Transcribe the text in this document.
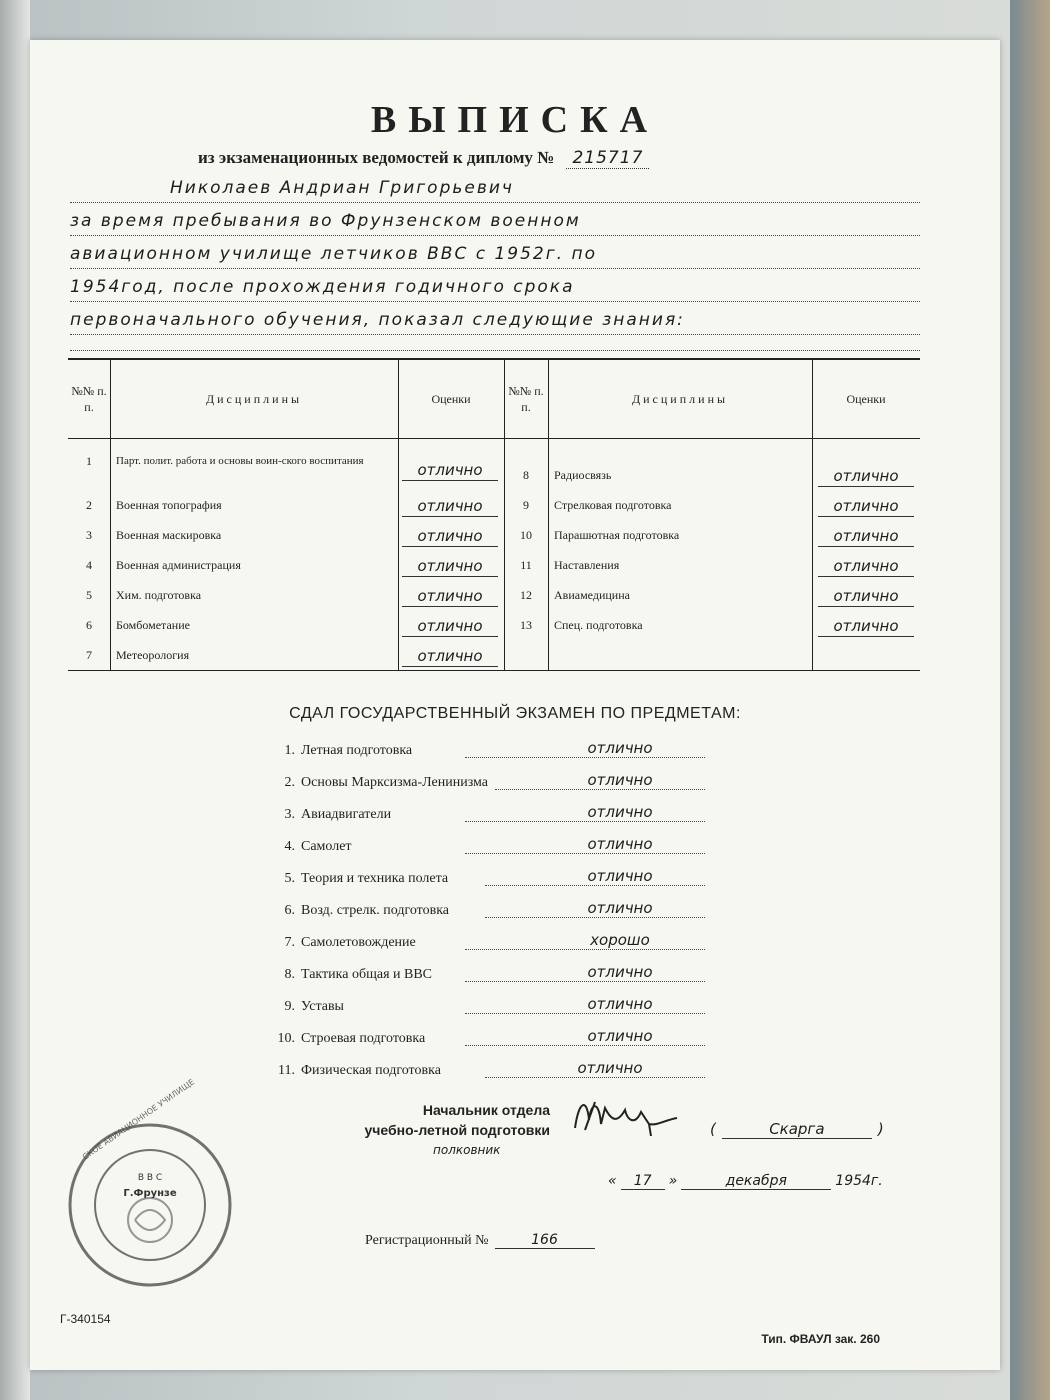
ВЫПИСКА
из экзаменационных ведомостей к диплому № 215717
Николаев Андриан Григорьевич
за время пребывания во Фрунзенском военном
авиационном училище летчиков ВВС с 1952г. по
1954год, после прохождения годичного срока
первоначального обучения, показал следующие знания:
№№ п. п.
Дисциплины	Оценки
№№ п. п.
Дисциплины	Оценки
1	Парт. полит. работа и основы воин-ского воспитания	отлично	8	Радиосвязь	отлично
2	Военная топография	отлично	9	Стрелковая подготовка	отлично
3	Военная маскировка	отлично	10	Парашютная подготовка	отлично
4	Военная администрация	отлично	11	Наставления	отлично
5	Хим. подготовка	отлично	12	Авиамедицина	отлично
6	Бомбометание	отлично	13	Спец. подготовка	отлично
7	Метеорология	отлично
СДАЛ ГОСУДАРСТВЕННЫЙ ЭКЗАМЕН ПО ПРЕДМЕТАМ:
1. Летная подготовка	отлично
2. Основы Марксизма-Ленинизма	отлично
3. Авиадвигатели	отлично
4. Самолет	отлично
5. Теория и техника полета	отлично
6. Возд. стрелк. подготовка	отлично
7. Самолетовождение	хорошо
8. Тактика общая и ВВС	отлично
9. Уставы	отлично
10. Строевая подготовка	отлично
11. Физическая подготовка	отлично
Начальник отдела
учебно-летной подготовки
полковник
(	Скарга	)
« 17 »	декабря	1954г.
Регистрационный №	166
В В С
Г.Фрунзе
СКОЕ АВИАЦИОННОЕ УЧИЛИЩЕ
Г-340154
Тип. ФВАУЛ зак. 260
